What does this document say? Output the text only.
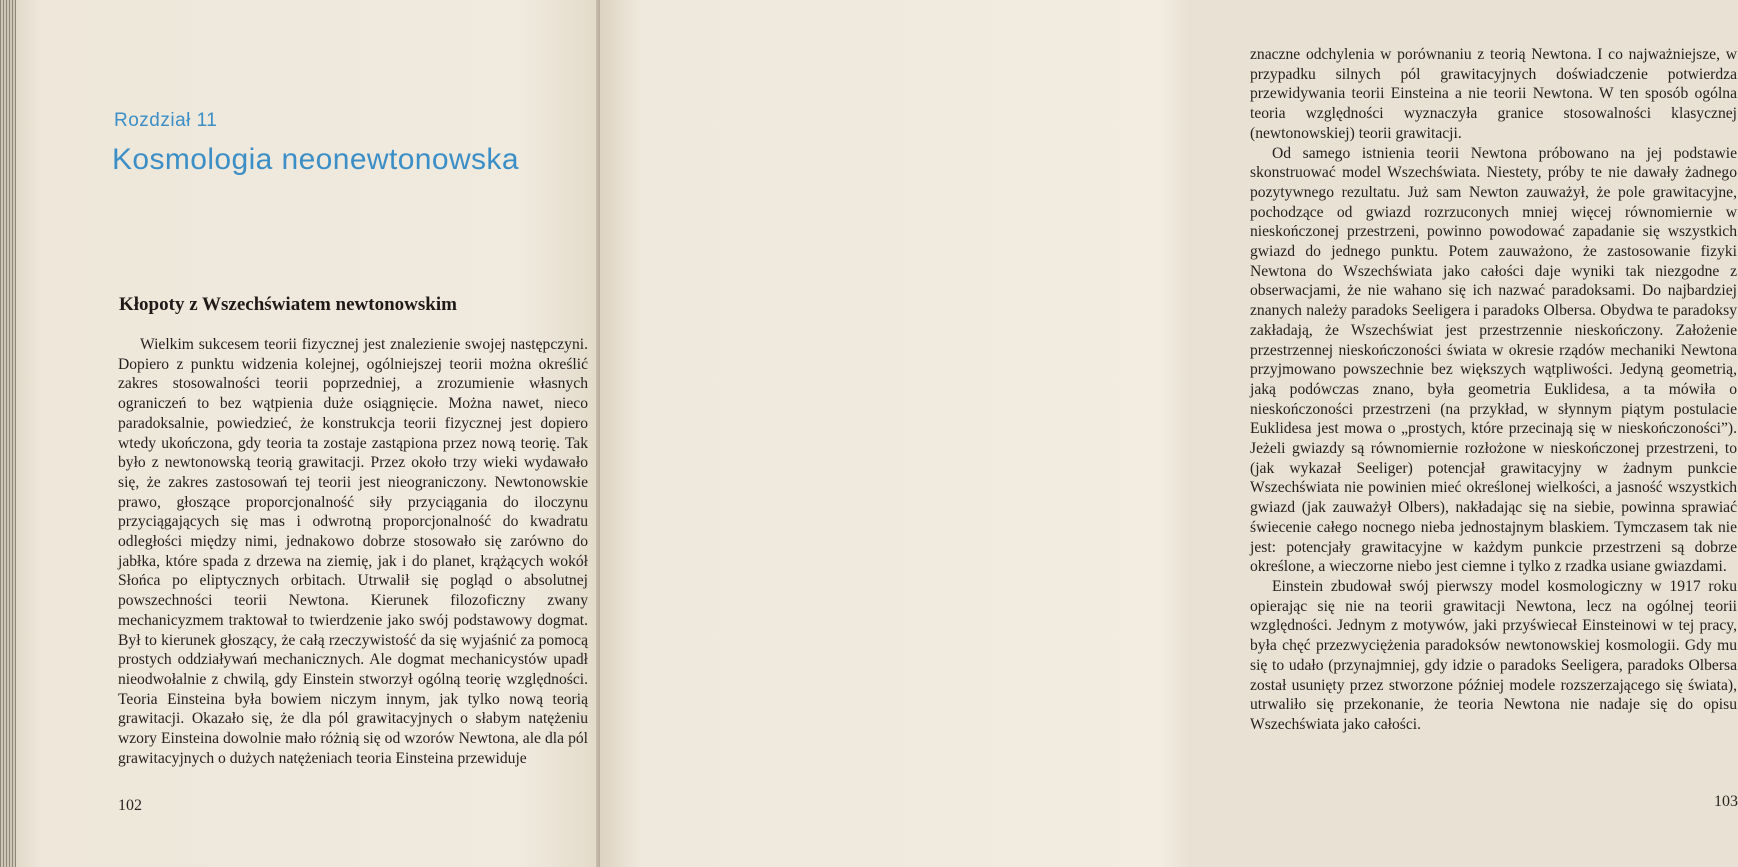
Rozdział 11
Kosmologia neonewtonowska
Kłopoty z Wszechświatem newtonowskim

Wielkim sukcesem teorii fizycznej jest znalezienie swojej następczyni. Dopiero z punktu widzenia kolejnej, ogólniejszej teorii można określić zakres stosowalności teorii poprzedniej, a zrozumienie własnych ograniczeń to bez wątpienia duże osiągnięcie. Można nawet, nieco paradoksalnie, powiedzieć, że konstrukcja teorii fizycznej jest dopiero wtedy ukończona, gdy teoria ta zostaje zastąpiona przez nową teorię. Tak było z newtonowską teorią grawitacji. Przez około trzy wieki wydawało się, że zakres zastosowań tej teorii jest nieograniczony. Newtonowskie prawo, głoszące proporcjonalność siły przyciągania do iloczynu przyciągających się mas i odwrotną proporcjonalność do kwadratu odległości między nimi, jednakowo dobrze stosowało się zarówno do jabłka, które spada z drzewa na ziemię, jak i do planet, krążących wokół Słońca po eliptycznych orbitach. Utrwalił się pogląd o absolutnej powszechności teorii Newtona. Kierunek filozoficzny zwany mechanicyzmem traktował to twierdzenie jako swój podstawowy dogmat. Był to kierunek głoszący, że całą rzeczywistość da się wyjaśnić za pomocą prostych oddziaływań mechanicznych. Ale dogmat mechanicystów upadł nieodwołalnie z chwilą, gdy Einstein stworzył ogólną teorię względności. Teoria Einsteina była bowiem niczym innym, jak tylko nową teorią grawitacji. Okazało się, że dla pól grawitacyjnych o słabym natężeniu wzory Einsteina dowolnie mało różnią się od wzorów Newtona, ale dla pól grawitacyjnych o dużych natężeniach teoria Einsteina przewiduje

102

znaczne odchylenia w porównaniu z teorią Newtona. I co najważniejsze, w przypadku silnych pól grawitacyjnych doświadczenie potwierdza przewidywania teorii Einsteina a nie teorii Newtona. W ten sposób ogólna teoria względności wyznaczyła granice stosowalności klasycznej (newtonowskiej) teorii grawitacji.

Od samego istnienia teorii Newtona próbowano na jej podstawie skonstruować model Wszechświata. Niestety, próby te nie dawały żadnego pozytywnego rezultatu. Już sam Newton zauważył, że pole grawitacyjne, pochodzące od gwiazd rozrzuconych mniej więcej równomiernie w nieskończonej przestrzeni, powinno powodować zapadanie się wszystkich gwiazd do jednego punktu. Potem zauważono, że zastosowanie fizyki Newtona do Wszechświata jako całości daje wyniki tak niezgodne z obserwacjami, że nie wahano się ich nazwać paradoksami. Do najbardziej znanych należy paradoks Seeligera i paradoks Olbersa. Obydwa te paradoksy zakładają, że Wszechświat jest przestrzennie nieskończony. Założenie przestrzennej nieskończoności świata w okresie rządów mechaniki Newtona przyjmowano powszechnie bez większych wątpliwości. Jedyną geometrią, jaką podówczas znano, była geometria Euklidesa, a ta mówiła o nieskończoności przestrzeni (na przykład, w słynnym piątym postulacie Euklidesa jest mowa o „prostych, które przecinają się w nieskończoności”). Jeżeli gwiazdy są równomiernie rozłożone w nieskończonej przestrzeni, to (jak wykazał Seeliger) potencjał grawitacyjny w żadnym punkcie Wszechświata nie powinien mieć określonej wielkości, a jasność wszystkich gwiazd (jak zauważył Olbers), nakładając się na siebie, powinna sprawiać świecenie całego nocnego nieba jednostajnym blaskiem. Tymczasem tak nie jest: potencjały grawitacyjne w każdym punkcie przestrzeni są dobrze określone, a wieczorne niebo jest ciemne i tylko z rzadka usiane gwiazdami.

Einstein zbudował swój pierwszy model kosmologiczny w 1917 roku opierając się nie na teorii grawitacji Newtona, lecz na ogólnej teorii względności. Jednym z motywów, jaki przyświecał Einsteinowi w tej pracy, była chęć przezwyciężenia paradoksów newtonowskiej kosmologii. Gdy mu się to udało (przynajmniej, gdy idzie o paradoks Seeligera, paradoks Olbersa został usunięty przez stworzone później modele rozszerzającego się świata), utrwaliło się przekonanie, że teoria Newtona nie nadaje się do opisu Wszechświata jako całości.

103
